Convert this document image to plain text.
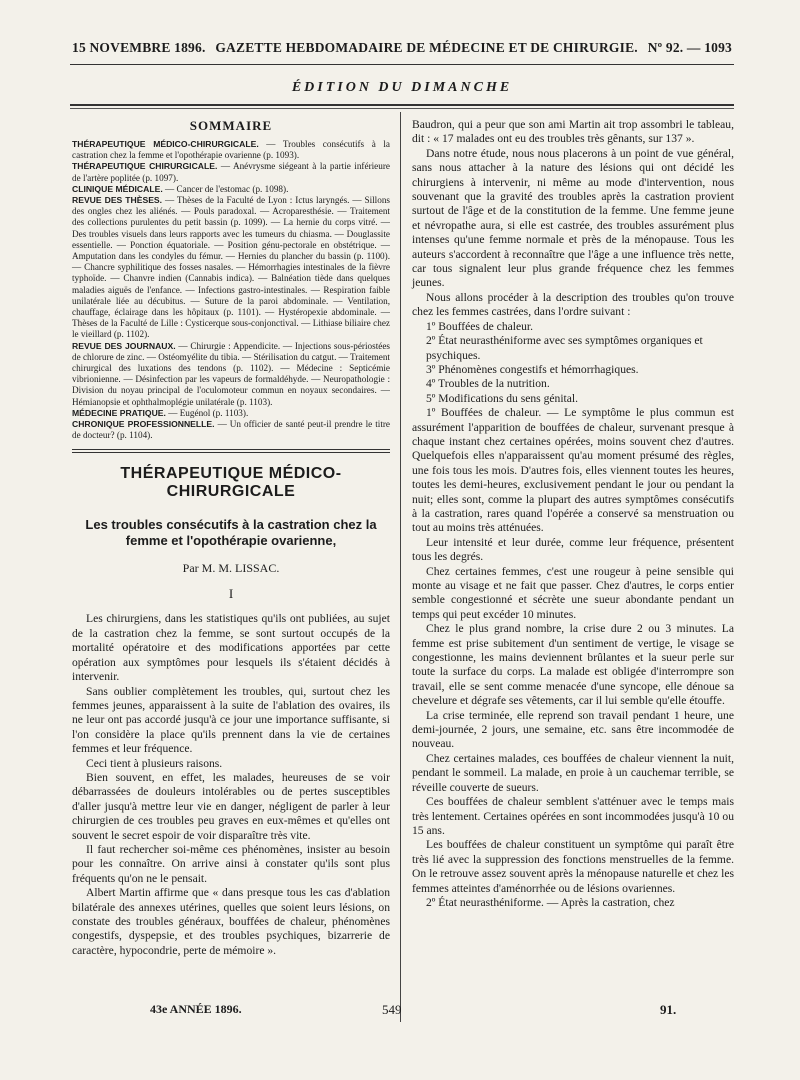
15 NOVEMBRE 1896. GAZETTE HEBDOMADAIRE DE MÉDECINE ET DE CHIRURGIE. Nº 92. — 1093
ÉDITION DU DIMANCHE
SOMMAIRE

THÉRAPEUTIQUE MÉDICO-CHIRURGICALE. — Troubles consécutifs à la castration chez la femme et l'opothérapie ovarienne (p. 1093).

THÉRAPEUTIQUE CHIRURGICALE. — Anévrysme siégeant à la partie inférieure de l'artère poplitée (p. 1097).

CLINIQUE MÉDICALE. — Cancer de l'estomac (p. 1098).

REVUE DES THÈSES. — Thèses de la Faculté de Lyon : Ictus laryngés. — Sillons des ongles chez les aliénés. — Pouls paradoxal. — Acroparesthésie. — Traitement des collections purulentes du petit bassin (p. 1099). — La hernie du corps vitré. — Des troubles visuels dans leurs rapports avec les tumeurs du chiasma. — Douglassite essentielle. — Ponction équatoriale. — Position génu-pectorale en obstétrique. — Amputation dans les condyles du fémur. — Hernies du plancher du bassin (p. 1100). — Chancre syphilitique des fosses nasales. — Hémorrhagies intestinales de la fièvre typhoïde. — Chanvre indien (Cannabis indica). — Balnéation tiède dans quelques maladies aiguës de l'enfance. — Infections gastro-intestinales. — Respiration faible unilatérale liée au décubitus. — Suture de la paroi abdominale. — Ventilation, chauffage, éclairage dans les hôpitaux (p. 1101). — Hystéropexie abdominale. — Thèses de la Faculté de Lille : Cysticerque sous-conjonctival. — Lithiase biliaire chez le vieillard (p. 1102).

REVUE DES JOURNAUX. — Chirurgie : Appendicite. — Injections sous-périostées de chlorure de zinc. — Ostéomyélite du tibia. — Stérilisation du catgut. — Traitement chirurgical des luxations des tendons (p. 1102). — Médecine : Septicémie vibrionienne. — Désinfection par les vapeurs de formaldéhyde. — Neuropathologie : Division du noyau principal de l'oculomoteur commun en noyaux secondaires. — Hémianopsie et ophthalmoplégie unilatérale (p. 1103).

MÉDECINE PRATIQUE. — Eugénol (p. 1103).

CHRONIQUE PROFESSIONNELLE. — Un officier de santé peut-il prendre le titre de docteur? (p. 1104).

THÉRAPEUTIQUE MÉDICO-CHIRURGICALE
Les troubles consécutifs à la castration chez la femme et l'opothérapie ovarienne,
Par M. M. LISSAC.
I

Les chirurgiens, dans les statistiques qu'ils ont publiées, au sujet de la castration chez la femme, se sont surtout occupés de la mortalité opératoire et des modifications apportées par cette opération aux symptômes pour lesquels ils s'étaient décidés à intervenir.

Sans oublier complètement les troubles, qui, surtout chez les femmes jeunes, apparaissent à la suite de l'ablation des ovaires, ils ne leur ont pas accordé jusqu'à ce jour une importance suffisante, si l'on considère la place qu'ils prennent dans la vie de certaines femmes et leur fréquence.

Ceci tient à plusieurs raisons.

Bien souvent, en effet, les malades, heureuses de se voir débarrassées de douleurs intolérables ou de pertes susceptibles d'aller jusqu'à mettre leur vie en danger, négligent de parler à leur chirurgien de ces troubles peu graves en eux-mêmes et qu'elles ont souvent le secret espoir de voir disparaître très vite.

Il faut rechercher soi-même ces phénomènes, insister au besoin pour les connaître. On arrive ainsi à constater qu'ils sont plus fréquents qu'on ne le pensait.

Albert Martin affirme que « dans presque tous les cas d'ablation bilatérale des annexes utérines, quelles que soient leurs lésions, on constate des troubles généraux, bouffées de chaleur, phénomènes congestifs, dyspepsie, et des troubles psychiques, bizarrerie de caractère, hypocondrie, perte de mémoire ».

Baudron, qui a peur que son ami Martin ait trop assombri le tableau, dit : « 17 malades ont eu des troubles très gênants, sur 137 ».

Dans notre étude, nous nous placerons à un point de vue général, sans nous attacher à la nature des lésions qui ont décidé les chirurgiens à intervenir, ni même au mode d'intervention, nous souvenant que la gravité des troubles après la castration provient surtout de l'âge et de la constitution de la femme. Une femme jeune et névropathe aura, si elle est castrée, des troubles assurément plus intenses qu'une femme normale et près de la ménopause. Tous les auteurs s'accordent à reconnaître que l'âge a une influence très nette, car tous signalent leur plus grande fréquence chez les femmes jeunes.

Nous allons procéder à la description des troubles qu'on trouve chez les femmes castrées, dans l'ordre suivant :

1º Bouffées de chaleur.

2º État neurasthéniforme avec ses symptômes organiques et psychiques.

3º Phénomènes congestifs et hémorrhagiques.

4º Troubles de la nutrition.

5º Modifications du sens génital.

1º Bouffées de chaleur. — Le symptôme le plus commun est assurément l'apparition de bouffées de chaleur, survenant presque à chaque instant chez certaines opérées, moins souvent chez d'autres. Quelquefois elles n'apparaissent qu'au moment présumé des règles, une fois tous les mois. D'autres fois, elles viennent toutes les heures, toutes les demi-heures, exclusivement pendant le jour ou pendant la nuit; elles sont, comme la plupart des autres symptômes consécutifs à la castration, rares quand l'opérée a conservé sa menstruation ou tout au moins très atténuées.

Leur intensité et leur durée, comme leur fréquence, présentent tous les degrés.

Chez certaines femmes, c'est une rougeur à peine sensible qui monte au visage et ne fait que passer. Chez d'autres, le corps entier semble congestionné et sécrète une sueur abondante pendant un temps qui peut excéder 10 minutes.

Chez le plus grand nombre, la crise dure 2 ou 3 minutes. La femme est prise subitement d'un sentiment de vertige, le visage se congestionne, les mains deviennent brûlantes et la sueur perle sur toute la surface du corps. La malade est obligée d'interrompre son travail, elle se sent comme menacée d'une syncope, elle dénoue sa chevelure et dégrafe ses vêtements, car il lui semble qu'elle étouffe.

La crise terminée, elle reprend son travail pendant 1 heure, une demi-journée, 2 jours, une semaine, etc. sans être incommodée de nouveau.

Chez certaines malades, ces bouffées de chaleur viennent la nuit, pendant le sommeil. La malade, en proie à un cauchemar terrible, se réveille couverte de sueurs.

Ces bouffées de chaleur semblent s'atténuer avec le temps mais très lentement. Certaines opérées en sont incommodées jusqu'à 10 ou 15 ans.

Les bouffées de chaleur constituent un symptôme qui paraît être très lié avec la suppression des fonctions menstruelles de la femme. On le retrouve assez souvent après la ménopause naturelle et chez les femmes atteintes d'aménorrhée ou de lésions ovariennes.

2º État neurasthéniforme. — Après la castration, chez

43e ANNÉE 1896.	549	91.
